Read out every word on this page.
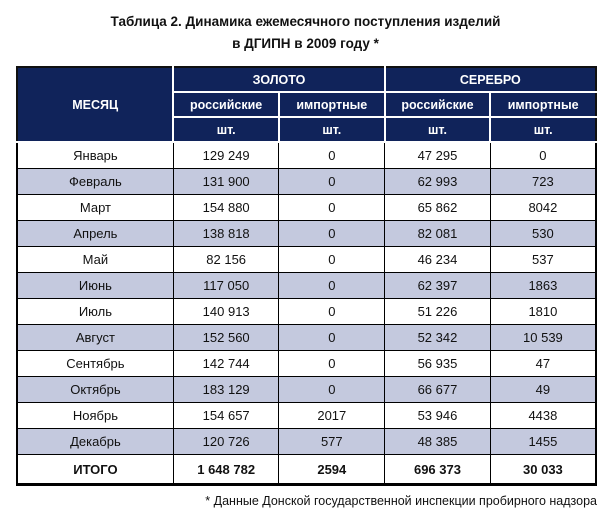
Таблица 2. Динамика ежемесячного поступления изделий
в ДГИПН в 2009 году *
МЕСЯЦ	ЗОЛОТО		СЕРЕБРО	
	российские	импортные	российские	импортные
	шт.	шт.	шт.	шт.
Январь	129 249	0	47 295	0
Февраль	131 900	0	62 993	723
Март	154 880	0	65 862	8042
Апрель	138 818	0	82 081	530
Май	82 156	0	46 234	537
Июнь	117 050	0	62 397	1863
Июль	140 913	0	51 226	1810
Август	152 560	0	52 342	10 539
Сентябрь	142 744	0	56 935	47
Октябрь	183 129	0	66 677	49
Ноябрь	154 657	2017	53 946	4438
Декабрь	120 726	577	48 385	1455
ИТОГО	1 648 782	2594	696 373	30 033
* Данные Донской государственной инспекции пробирного надзора
